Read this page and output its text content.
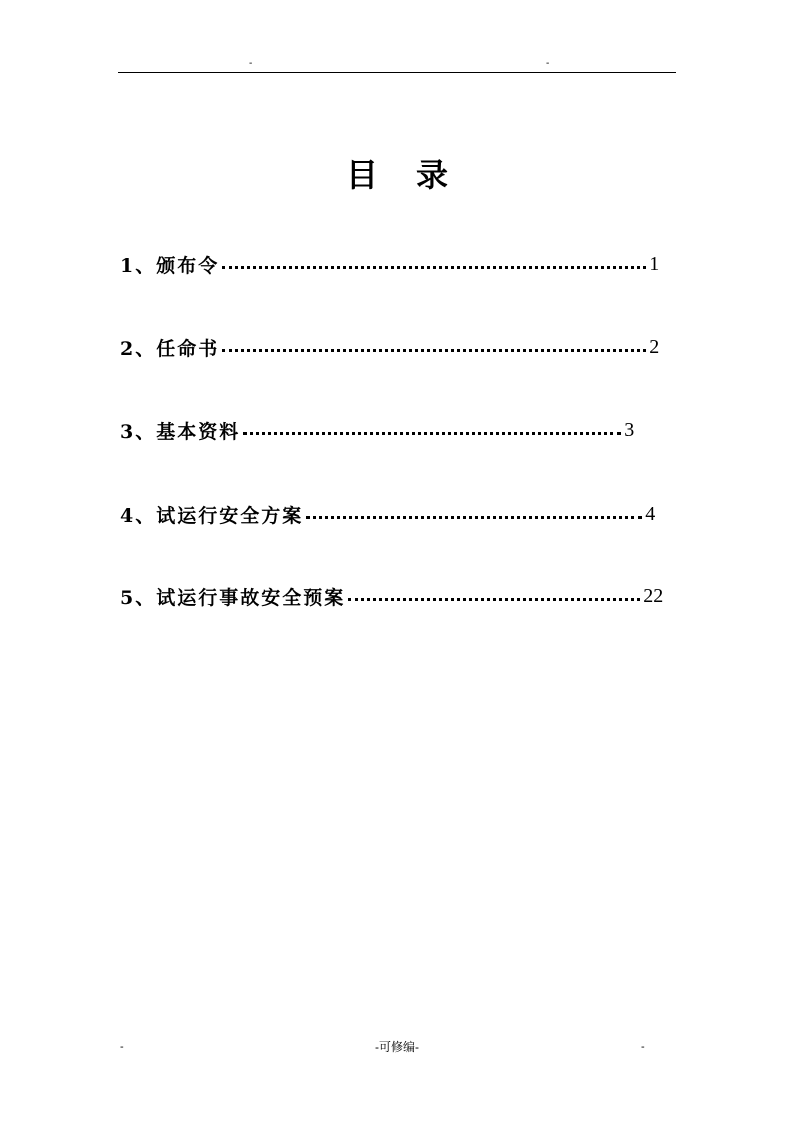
-	-
目录
1、颁布令	1
2、任命书	2
3、基本资料	3
4、试运行安全方案	4
5、试运行事故安全预案	22
-	-可修编-	-
